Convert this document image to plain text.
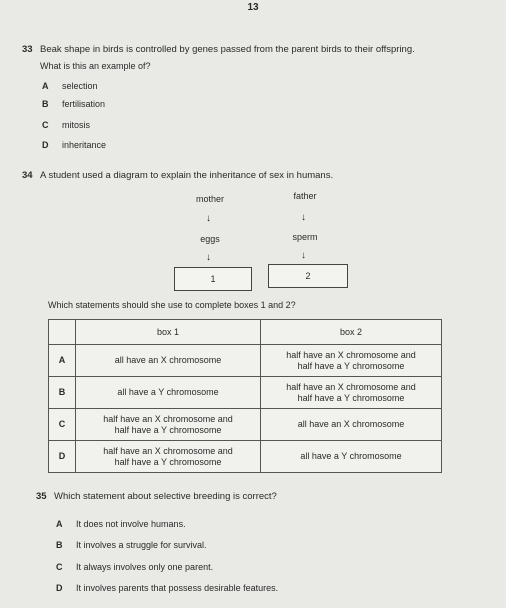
13
33 Beak shape in birds is controlled by genes passed from the parent birds to their offspring.
What is this an example of?
A selection
B fertilisation
C mitosis
D inheritance
34 A student used a diagram to explain the inheritance of sex in humans.
mother	father
↓	↓
eggs	sperm
↓	↓
1	2
Which statements should she use to complete boxes 1 and 2?
	box 1	box 2
A	all have an X chromosome	half have an X chromosome and
half have a Y chromosome
B	all have a Y chromosome	half have an X chromosome and
half have a Y chromosome
C	half have an X chromosome and
half have a Y chromosome	all have an X chromosome
D	half have an X chromosome and
half have a Y chromosome	all have a Y chromosome
35 Which statement about selective breeding is correct?
A It does not involve humans.
B It involves a struggle for survival.
C It always involves only one parent.
D It involves parents that possess desirable features.
